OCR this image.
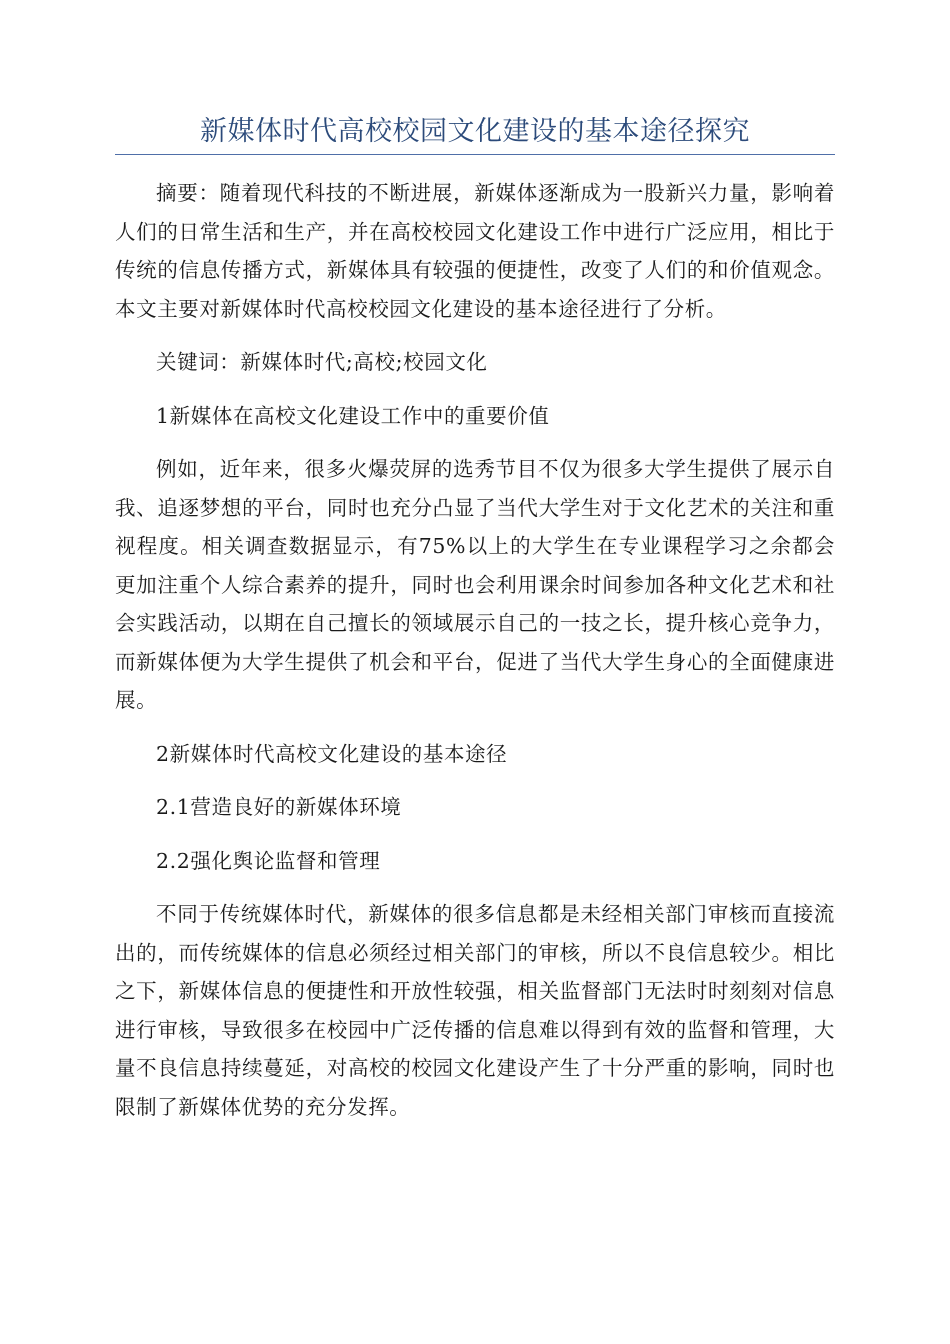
新媒体时代高校校园文化建设的基本途径探究

摘要：随着现代科技的不断进展，新媒体逐渐成为一股新兴力量，影响着人们的日常生活和生产，并在高校校园文化建设工作中进行广泛应用，相比于传统的信息传播方式，新媒体具有较强的便捷性，改变了人们的和价值观念。本文主要对新媒体时代高校校园文化建设的基本途径进行了分析。

关键词：新媒体时代;高校;校园文化

1新媒体在高校文化建设工作中的重要价值

例如，近年来，很多火爆荧屏的选秀节目不仅为很多大学生提供了展示自我、追逐梦想的平台，同时也充分凸显了当代大学生对于文化艺术的关注和重视程度。相关调查数据显示，有75%以上的大学生在专业课程学习之余都会更加注重个人综合素养的提升，同时也会利用课余时间参加各种文化艺术和社会实践活动，以期在自己擅长的领域展示自己的一技之长，提升核心竞争力，而新媒体便为大学生提供了机会和平台，促进了当代大学生身心的全面健康进展。

2新媒体时代高校文化建设的基本途径

2.1营造良好的新媒体环境

2.2强化舆论监督和管理

不同于传统媒体时代，新媒体的很多信息都是未经相关部门审核而直接流出的，而传统媒体的信息必须经过相关部门的审核，所以不良信息较少。相比之下，新媒体信息的便捷性和开放性较强，相关监督部门无法时时刻刻对信息进行审核，导致很多在校园中广泛传播的信息难以得到有效的监督和管理，大量不良信息持续蔓延，对高校的校园文化建设产生了十分严重的影响，同时也限制了新媒体优势的充分发挥。
